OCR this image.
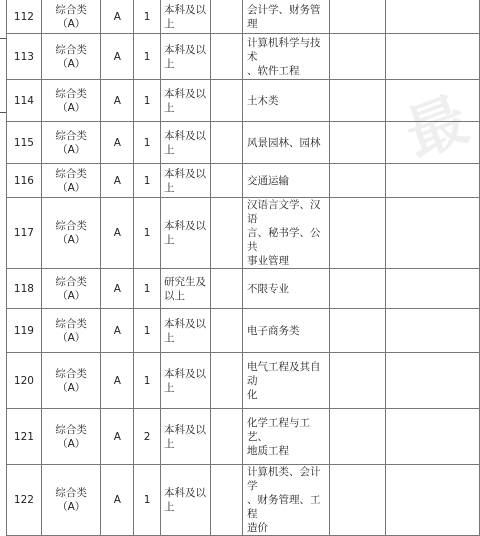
112	综合类
（A）	A	1	本科及以
上		会计学、财务管理		

113	综合类
（A）	A	1	本科及以
上		计算机科学与技术
、软件工程		

114	综合类
（A）	A	1	本科及以
上		土木类		

115	综合类
（A）	A	1	本科及以
上		风景园林、园林		

116	综合类
（A）	A	1	本科及以
上		交通运输		

117	综合类
（A）	A	1	本科及以
上		汉语言文学、汉语
言、秘书学、公共
事业管理		

118	综合类
（A）	A	1	研究生及
以上		不限专业		

119	综合类
（A）	A	1	本科及以
上		电子商务类		

120	综合类
（A）	A	1	本科及以
上		电气工程及其自动
化		

121	综合类
（A）	A	2	本科及以
上		化学工程与工艺、
地质工程		

122	综合类
（A）	A	1	本科及以
上		计算机类、会计学
、财务管理、工程
造价		

最
